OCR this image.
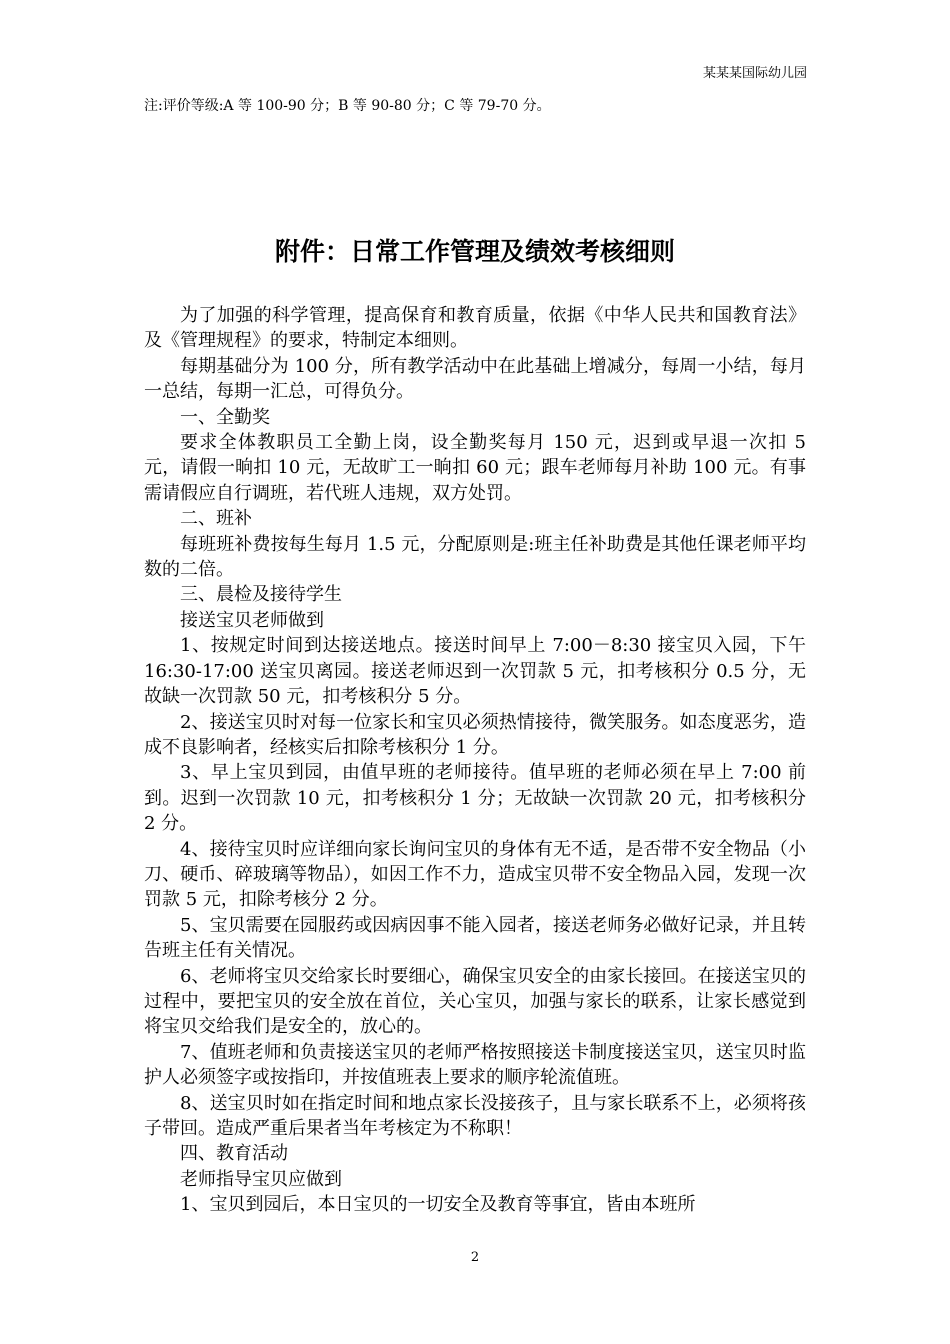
某某某国际幼儿园
注:评价等级:A 等 100-90 分；B 等 90-80 分；C 等 79-70 分。
附件：日常工作管理及绩效考核细则

为了加强的科学管理，提高保育和教育质量，依据《中华人民共和国教育法》及《管理规程》的要求，特制定本细则。

每期基础分为 100 分，所有教学活动中在此基础上增减分，每周一小结，每月一总结，每期一汇总，可得负分。

一、全勤奖

要求全体教职员工全勤上岗，设全勤奖每月 150 元，迟到或早退一次扣 5 元，请假一晌扣 10 元，无故旷工一晌扣 60 元；跟车老师每月补助 100 元。有事需请假应自行调班，若代班人违规，双方处罚。

二、班补

每班班补费按每生每月 1.5 元，分配原则是:班主任补助费是其他任课老师平均数的二倍。

三、晨检及接待学生

接送宝贝老师做到

1、按规定时间到达接送地点。接送时间早上 7:00－8:30 接宝贝入园，下午 16:30-17:00 送宝贝离园。接送老师迟到一次罚款 5 元，扣考核积分 0.5 分，无故缺一次罚款 50 元，扣考核积分 5 分。

2、接送宝贝时对每一位家长和宝贝必须热情接待，微笑服务。如态度恶劣，造成不良影响者，经核实后扣除考核积分 1 分。

3、早上宝贝到园，由值早班的老师接待。值早班的老师必须在早上 7:00 前到。迟到一次罚款 10 元，扣考核积分 1 分；无故缺一次罚款 20 元，扣考核积分 2 分。

4、接待宝贝时应详细向家长询问宝贝的身体有无不适，是否带不安全物品（小刀、硬币、碎玻璃等物品），如因工作不力，造成宝贝带不安全物品入园，发现一次罚款 5 元，扣除考核分 2 分。

5、宝贝需要在园服药或因病因事不能入园者，接送老师务必做好记录，并且转告班主任有关情况。

6、老师将宝贝交给家长时要细心，确保宝贝安全的由家长接回。在接送宝贝的过程中，要把宝贝的安全放在首位，关心宝贝，加强与家长的联系，让家长感觉到将宝贝交给我们是安全的，放心的。

7、值班老师和负责接送宝贝的老师严格按照接送卡制度接送宝贝，送宝贝时监护人必须签字或按指印，并按值班表上要求的顺序轮流值班。

8、送宝贝时如在指定时间和地点家长没接孩子，且与家长联系不上，必须将孩子带回。造成严重后果者当年考核定为不称职！

四、教育活动

老师指导宝贝应做到

1、宝贝到园后，本日宝贝的一切安全及教育等事宜，皆由本班所

2
